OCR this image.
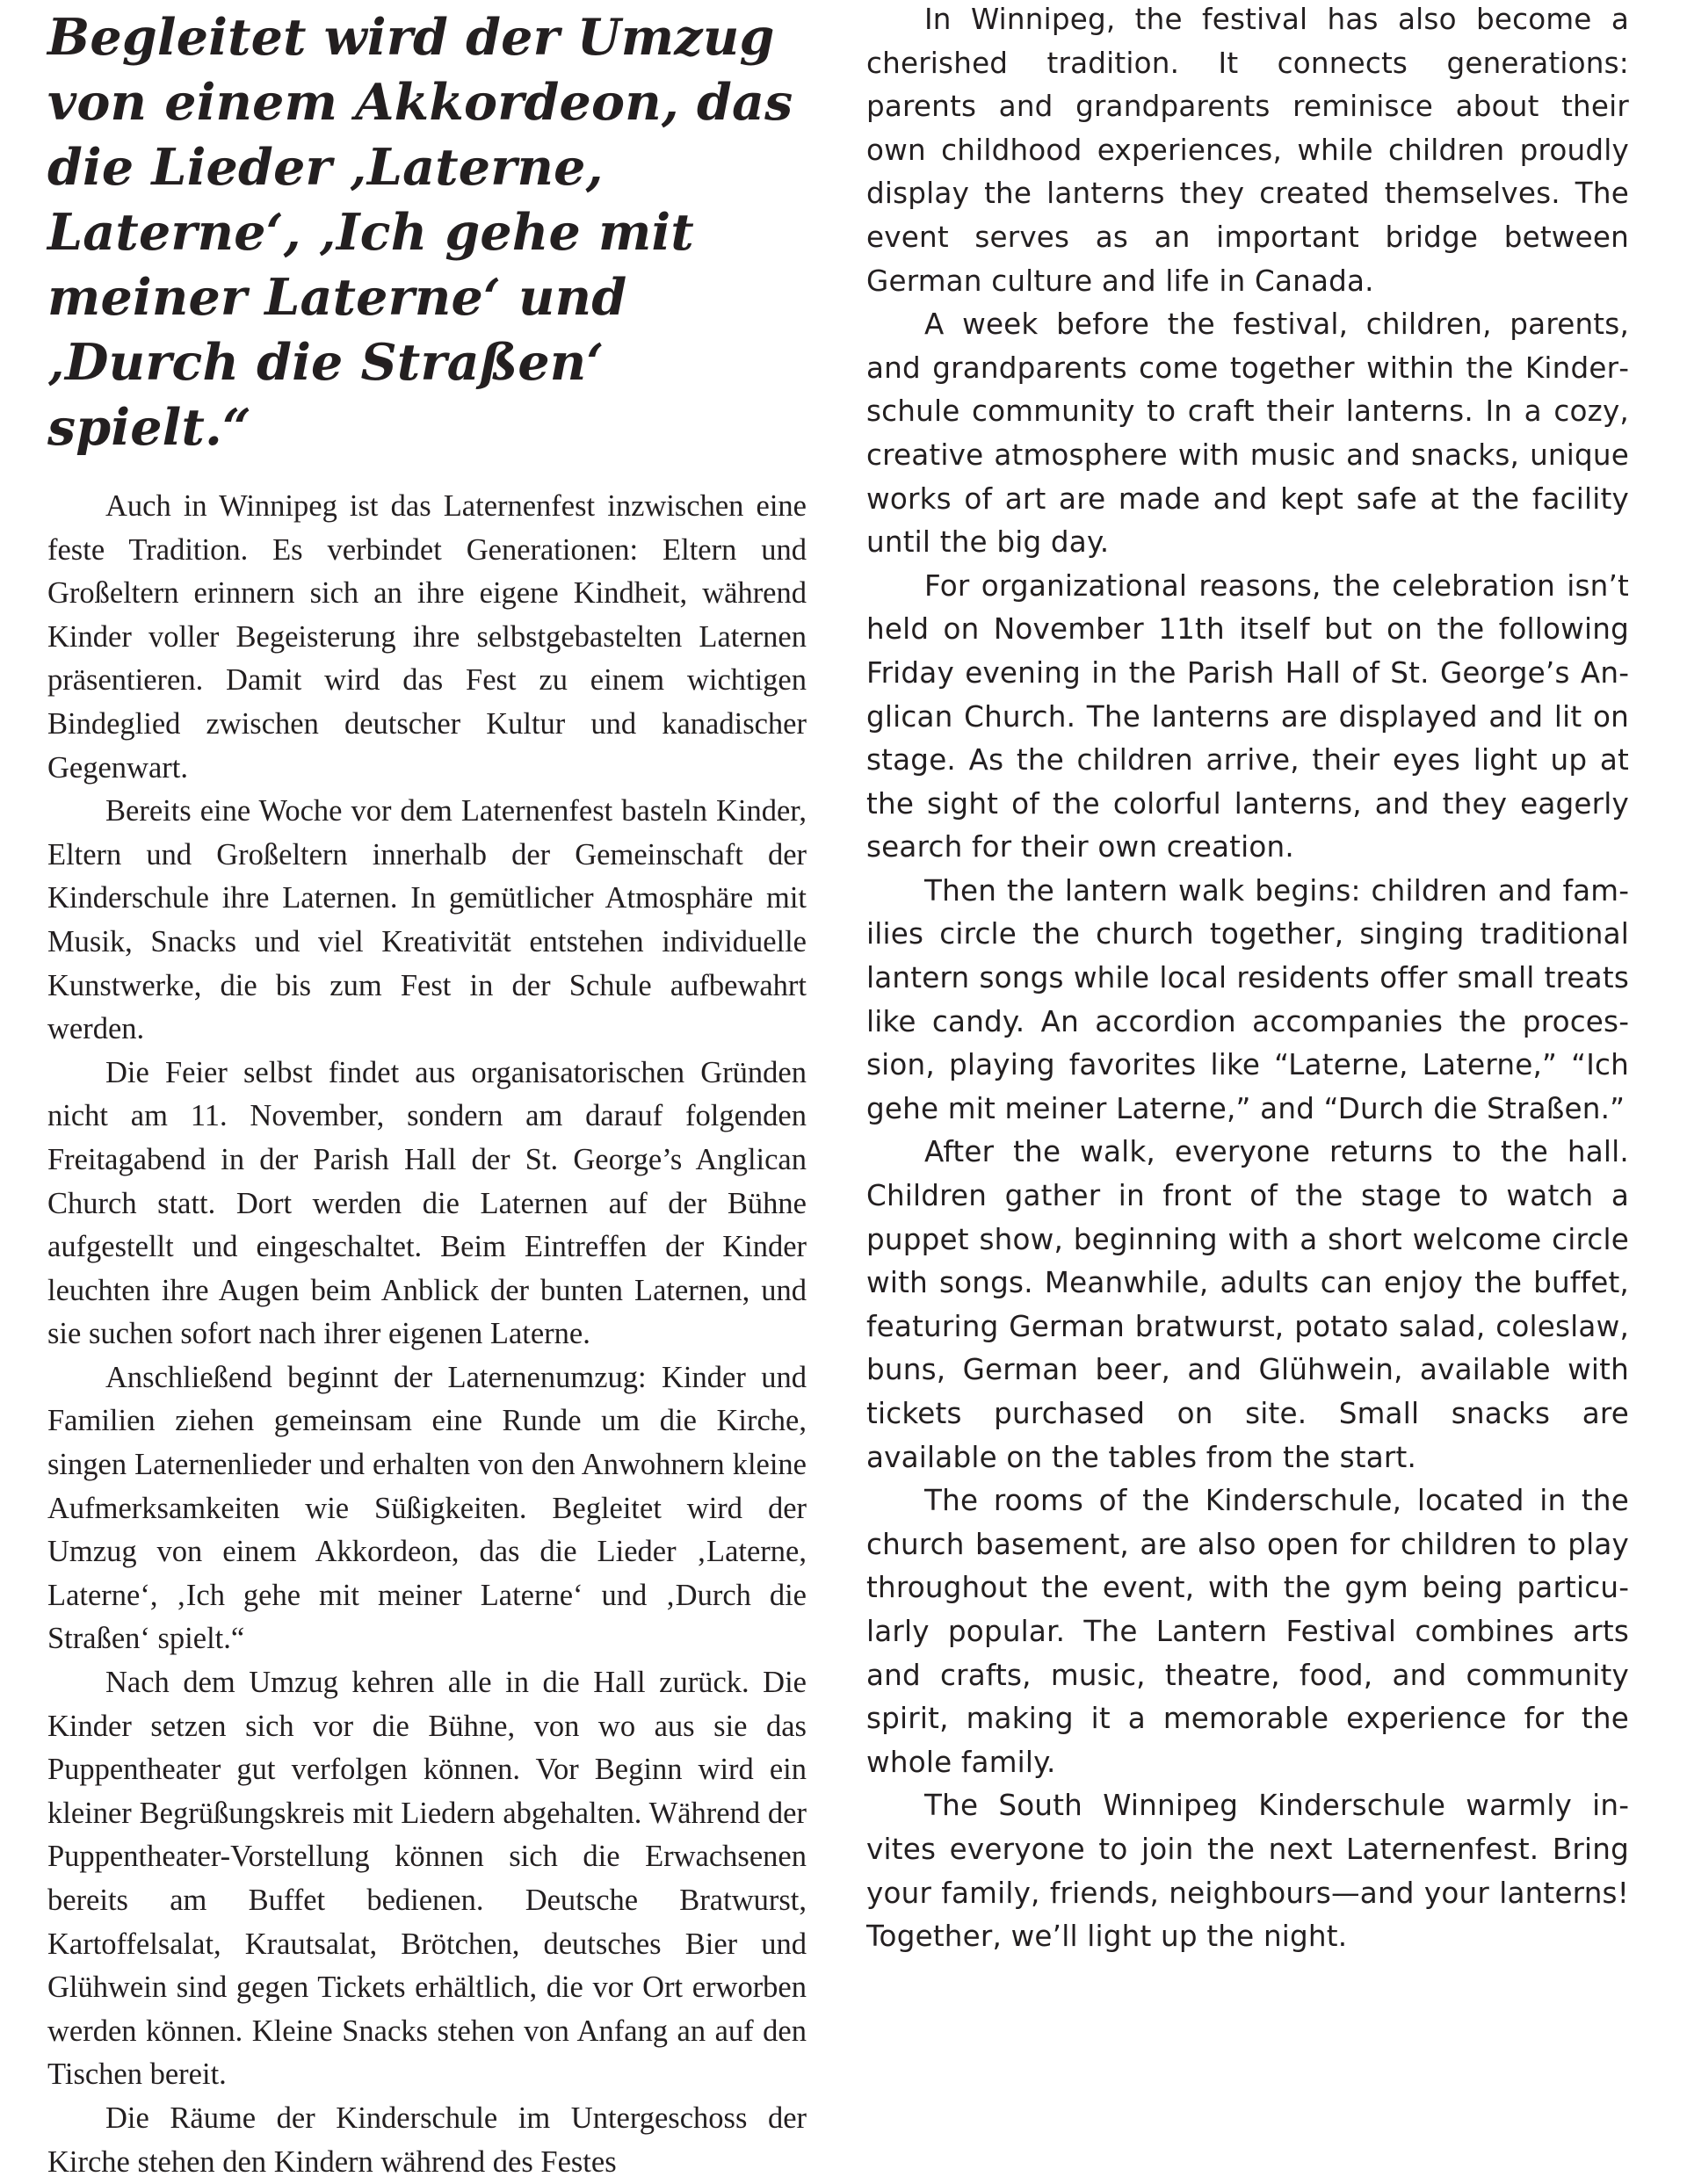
Begleitet wird der Umzug von einem Akkordeon, das die Lieder ‚Laterne, Laterne‘, ‚Ich gehe mit meiner Laterne‘ und ‚Durch die Straßen‘ spielt.“

Auch in Winnipeg ist das Laternenfest inzwischen eine feste Tradition. Es verbindet Generationen: Eltern und Großeltern erinnern sich an ihre eigene Kindheit, während Kinder voller Begeisterung ihre selbstgebastelten Laternen präsentieren. Damit wird das Fest zu einem wichtigen Bindeglied zwischen deutscher Kultur und kanadischer Gegenwart.

Bereits eine Woche vor dem Laternenfest basteln Kinder, Eltern und Großeltern innerhalb der Gemeinschaft der Kinderschule ihre Laternen. In gemütlicher Atmosphäre mit Musik, Snacks und viel Kreativität entstehen individuelle Kunstwerke, die bis zum Fest in der Schule aufbewahrt werden.

Die Feier selbst findet aus organisatorischen Gründen nicht am 11. November, sondern am darauf folgenden Freitagabend in der Parish Hall der St. George’s Anglican Church statt. Dort werden die Laternen auf der Bühne aufgestellt und eingeschaltet. Beim Eintreffen der Kinder leuchten ihre Augen beim Anblick der bunten Laternen, und sie suchen sofort nach ihrer eigenen Laterne.

Anschließend beginnt der Laternenumzug: Kinder und Familien ziehen gemeinsam eine Runde um die Kirche, singen Laternenlieder und erhalten von den Anwohnern kleine Aufmerksamkeiten wie Süßigkeiten. Begleitet wird der Umzug von einem Akkordeon, das die Lieder ‚Laterne, Laterne‘, ‚Ich gehe mit meiner Laterne‘ und ‚Durch die Straßen‘ spielt.“

Nach dem Umzug kehren alle in die Hall zurück. Die Kinder setzen sich vor die Bühne, von wo aus sie das Puppentheater gut verfolgen können. Vor Beginn wird ein kleiner Begrüßungskreis mit Liedern abgehalten. Während der Puppentheater-Vorstellung können sich die Erwachsenen bereits am Buffet bedienen. Deutsche Bratwurst, Kartoffelsalat, Krautsalat, Brötchen, deutsches Bier und Glühwein sind gegen Tickets erhältlich, die vor Ort erworben werden können. Kleine Snacks stehen von Anfang an auf den Tischen bereit.

Die Räume der Kinderschule im Untergeschoss der Kirche stehen den Kindern während des Festes

In Winnipeg, the festival has also become a cherished tradition. It connects generations: parents and grandparents reminisce about their own childhood experiences, while children proudly display the lanterns they created themselves. The event serves as an important bridge between German culture and life in Canada.

A week before the festival, children, parents, and grandparents come together within the Kinderschule community to craft their lanterns. In a cozy, creative atmosphere with music and snacks, unique works of art are made and kept safe at the facility until the big day.

For organizational reasons, the celebration isn’t held on November 11th itself but on the following Friday evening in the Parish Hall of St. George’s Anglican Church. The lanterns are displayed and lit on stage. As the children arrive, their eyes light up at the sight of the colorful lanterns, and they eagerly search for their own creation.

Then the lantern walk begins: children and families circle the church together, singing traditional lantern songs while local residents offer small treats like candy. An accordion accompanies the procession, playing favorites like “Laterne, Laterne,” “Ich gehe mit meiner Laterne,” and “Durch die Straßen.”

After the walk, everyone returns to the hall. Children gather in front of the stage to watch a puppet show, beginning with a short welcome circle with songs. Meanwhile, adults can enjoy the buffet, featuring German bratwurst, potato salad, coleslaw, buns, German beer, and Glühwein, available with tickets purchased on site. Small snacks are available on the tables from the start.

The rooms of the Kinderschule, located in the church basement, are also open for children to play throughout the event, with the gym being particularly popular. The Lantern Festival combines arts and crafts, music, theatre, food, and community spirit, making it a memorable experience for the whole family.

The South Winnipeg Kinderschule warmly invites everyone to join the next Laternenfest. Bring your family, friends, neighbours—and your lanterns! Together, we’ll light up the night.
